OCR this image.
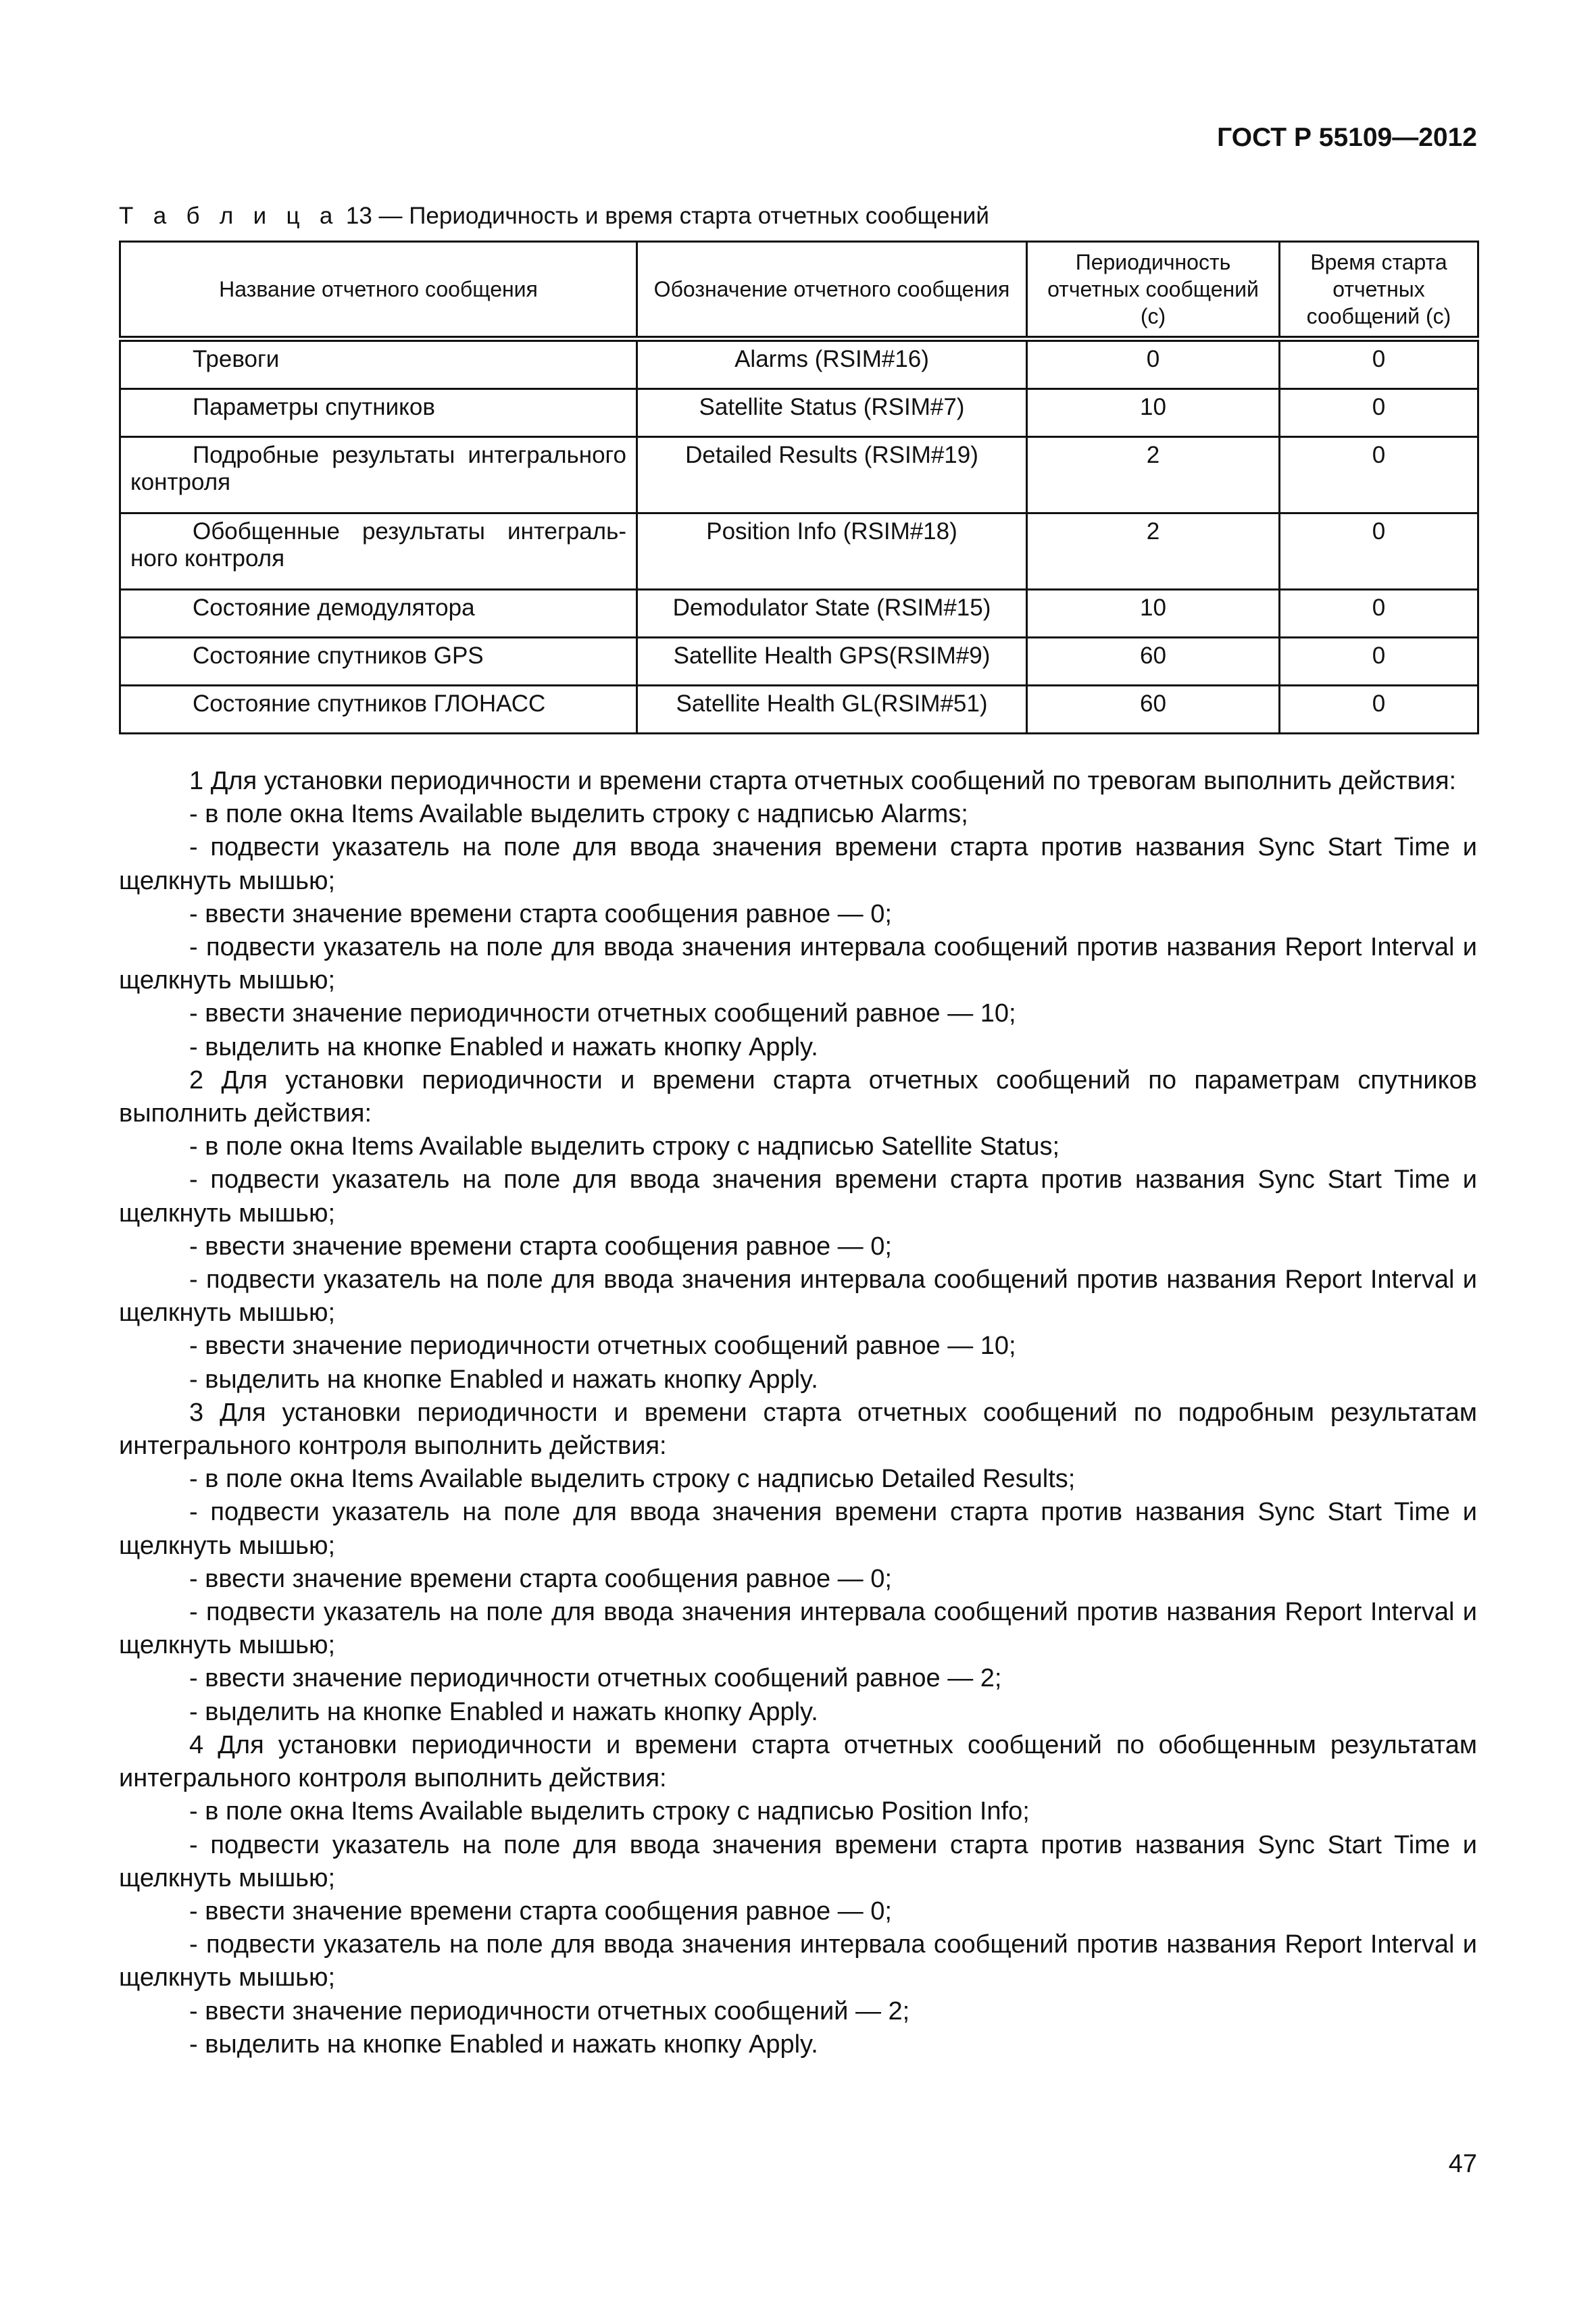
ГОСТ Р 55109—2012
Т а б л и ц а 13 — Периодичность и время старта отчетных сообщений
Название отчетного сообщения	Обозначение отчетного сообщения	Периодичность отчетных сообщений (с)	Время старта отчетных сообщений (с)
Тревоги	Alarms (RSIM#16)	0	0
Параметры спутников	Satellite Status (RSIM#7)	10	0
Подробные результаты интегрального контроля	Detailed Results (RSIM#19)	2	0
Обобщенные результаты интегрального контроля	Position Info (RSIM#18)	2	0
Состояние демодулятора	Demodulator State (RSIM#15)	10	0
Состояние спутников GPS	Satellite Health GPS(RSIM#9)	60	0
Состояние спутников ГЛОНАСС	Satellite Health GL(RSIM#51)	60	0

1 Для установки периодичности и времени старта отчетных сообщений по тревогам выполнить действия:

- в поле окна Items Available выделить строку с надписью Alarms;

- подвести указатель на поле для ввода значения времени старта против названия Sync Start Time и щелкнуть мышью;

- ввести значение времени старта сообщения равное — 0;

- подвести указатель на поле для ввода значения интервала сообщений против названия Report Interval и щелкнуть мышью;

- ввести значение периодичности отчетных сообщений равное — 10;

- выделить на кнопке Enabled и нажать кнопку Apply.

2 Для установки периодичности и времени старта отчетных сообщений по параметрам спутников выполнить действия:

- в поле окна Items Available выделить строку с надписью Satellite Status;

- подвести указатель на поле для ввода значения времени старта против названия Sync Start Time и щелкнуть мышью;

- ввести значение времени старта сообщения равное — 0;

- подвести указатель на поле для ввода значения интервала сообщений против названия Report Interval и щелкнуть мышью;

- ввести значение периодичности отчетных сообщений равное — 10;

- выделить на кнопке Enabled и нажать кнопку Apply.

3 Для установки периодичности и времени старта отчетных сообщений по подробным результатам интегрального контроля выполнить действия:

- в поле окна Items Available выделить строку с надписью Detailed Results;

- подвести указатель на поле для ввода значения времени старта против названия Sync Start Time и щелкнуть мышью;

- ввести значение времени старта сообщения равное — 0;

- подвести указатель на поле для ввода значения интервала сообщений против названия Report Interval и щелкнуть мышью;

- ввести значение периодичности отчетных сообщений равное — 2;

- выделить на кнопке Enabled и нажать кнопку Apply.

4 Для установки периодичности и времени старта отчетных сообщений по обобщенным результатам интегрального контроля выполнить действия:

- в поле окна Items Available выделить строку с надписью Position Info;

- подвести указатель на поле для ввода значения времени старта против названия Sync Start Time и щелкнуть мышью;

- ввести значение времени старта сообщения равное — 0;

- подвести указатель на поле для ввода значения интервала сообщений против названия Report Interval и щелкнуть мышью;

- ввести значение периодичности отчетных сообщений — 2;

- выделить на кнопке Enabled и нажать кнопку Apply.

47
